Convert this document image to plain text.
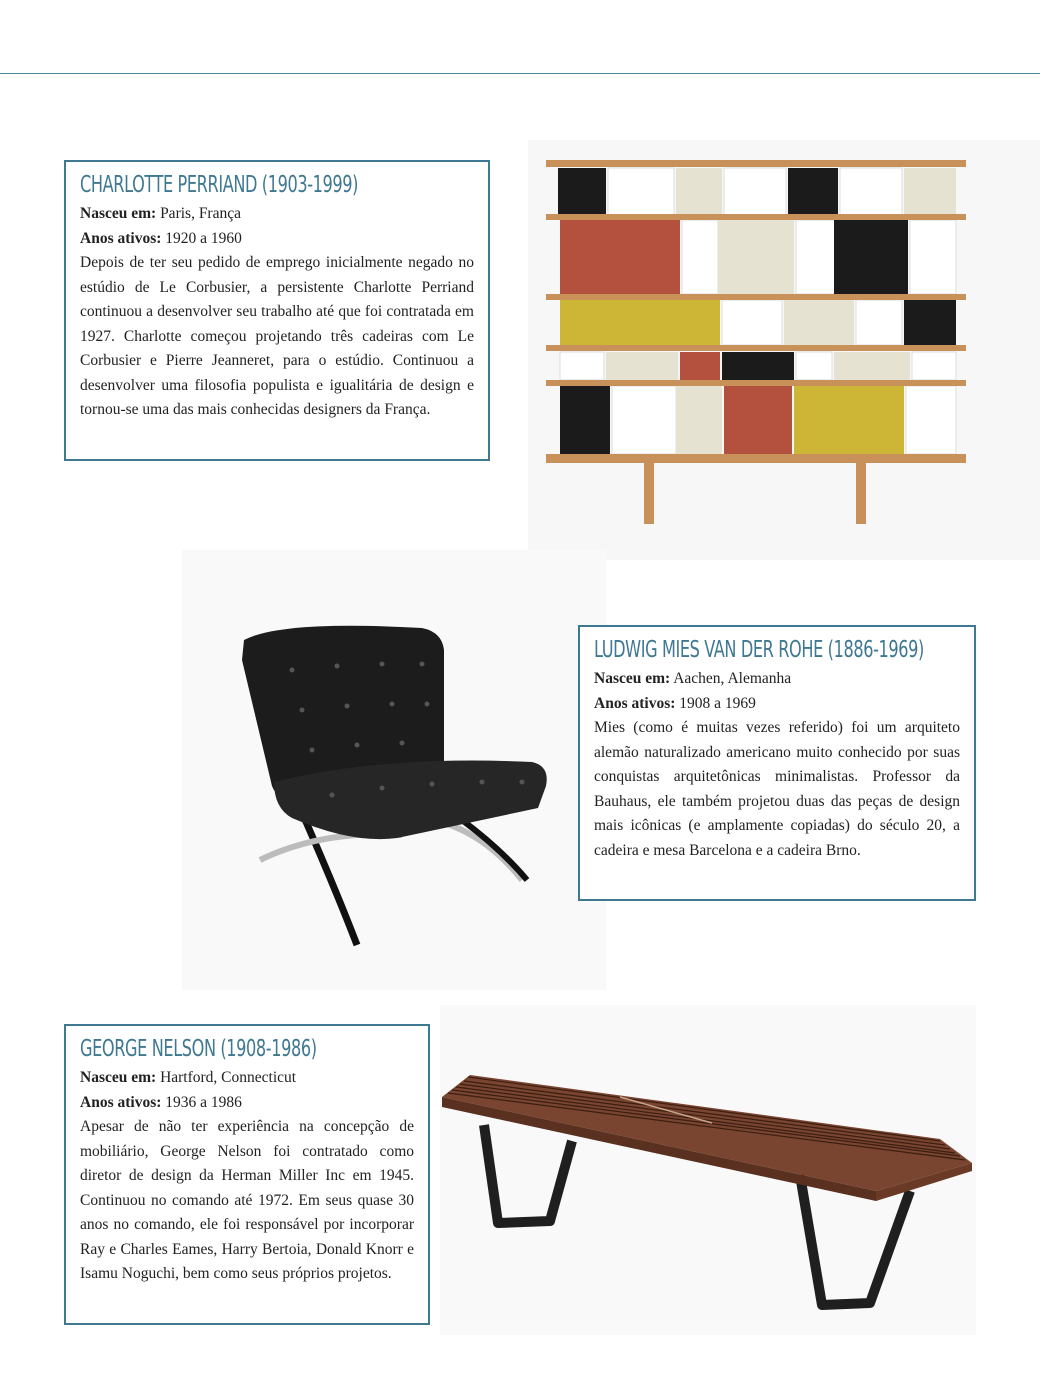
CHARLOTTE PERRIAND (1903-1999)
Nasceu em: Paris, França
Anos ativos: 1920 a 1960
Depois de ter seu pedido de emprego inicialmente negado no estúdio de Le Corbusier, a persistente Charlotte Perriand continuou a desenvolver seu trabalho até que foi contratada em 1927. Charlotte começou projetando três cadeiras com Le Corbusier e Pierre Jeanneret, para o estúdio. Continuou a desenvolver uma filosofia populista e igualitária de design e tornou-se uma das mais conhecidas designers da França.
LUDWIG MIES VAN DER ROHE (1886-1969)
Nasceu em: Aachen, Alemanha
Anos ativos: 1908 a 1969
Mies (como é muitas vezes referido) foi um arquiteto alemão naturalizado americano muito conhecido por suas conquistas arquitetônicas minimalistas. Professor da Bauhaus, ele também projetou duas das peças de design mais icônicas (e amplamente copiadas) do século 20, a cadeira e mesa Barcelona e a cadeira Brno.
GEORGE NELSON (1908-1986)
Nasceu em: Hartford, Connecticut
Anos ativos: 1936 a 1986
Apesar de não ter experiência na concepção de mobiliário, George Nelson foi contratado como diretor de design da Herman Miller Inc em 1945. Continuou no comando até 1972. Em seus quase 30 anos no comando, ele foi responsável por incorporar Ray e Charles Eames, Harry Bertoia, Donald Knorr e Isamu Noguchi, bem como seus próprios projetos.
